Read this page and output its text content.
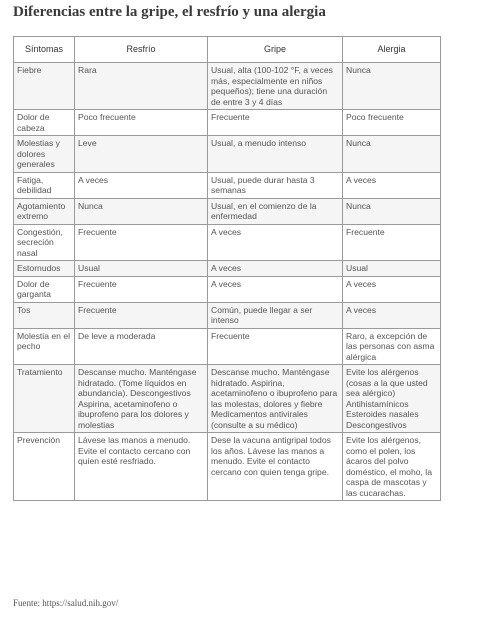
Diferencias entre la gripe, el resfrío y una alergia
Síntomas	Resfrío	Gripe	Alergia
Fiebre	Rara	Usual, alta (100-102 °F, a veces más, especialmente en niños pequeños); tiene una duración de entre 3 y 4 días	Nunca
Dolor de cabeza	Poco frecuente	Frecuente	Poco frecuente
Molestias y dolores generales	Leve	Usual, a menudo intenso	Nunca
Fatiga, debilidad	A veces	Usual, puede durar hasta 3 semanas	A veces
Agotamiento extremo	Nunca	Usual, en el comienzo de la enfermedad	Nunca
Congestión, secreción nasal	Frecuente	A veces	Frecuente
Estornudos	Usual	A veces	Usual
Dolor de garganta	Frecuente	A veces	A veces
Tos	Frecuente	Común, puede llegar a ser intenso	A veces
Molestia en el pecho	De leve a moderada	Frecuente	Raro, a excepción de las personas con asma alérgica
Tratamiento	Descanse mucho. Manténgase hidratado. (Tome líquidos en abundancia). Descongestivos Aspirina, acetaminofeno o ibuprofeno para los dolores y molestias	Descanse mucho. Manténgase hidratado. Aspirina, acetaminofeno o ibuprofeno para las molestas, dolores y fiebre Medicamentos antivirales (consulte a su médico)	Evite los alérgenos (cosas a la que usted sea alérgico) Antihistamínicos Esteroides nasales Descongestivos
Prevención	Lávese las manos a menudo. Evite el contacto cercano con quien esté resfriado.	Dese la vacuna antigripal todos los años. Lávese las manos a menudo. Evite el contacto cercano con quien tenga gripe.	Evite los alérgenos, como el polen, los ácaros del polvo doméstico, el moho, la caspa de mascotas y las cucarachas.
Fuente: https://salud.nih.gov/
